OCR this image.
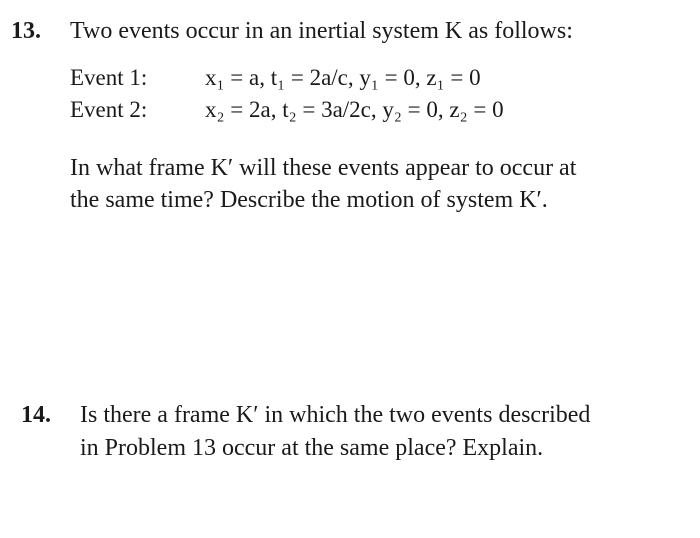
13. Two events occur in an inertial system K as follows:
Event 1:	x₁ = a, t₁ = 2a/c, y₁ = 0, z₁ = 0
Event 2:	x₂ = 2a, t₂ = 3a/2c, y₂ = 0, z₂ = 0
In what frame K′ will these events appear to occur at
the same time? Describe the motion of system K′.
14. Is there a frame K′ in which the two events described
in Problem 13 occur at the same place? Explain.
